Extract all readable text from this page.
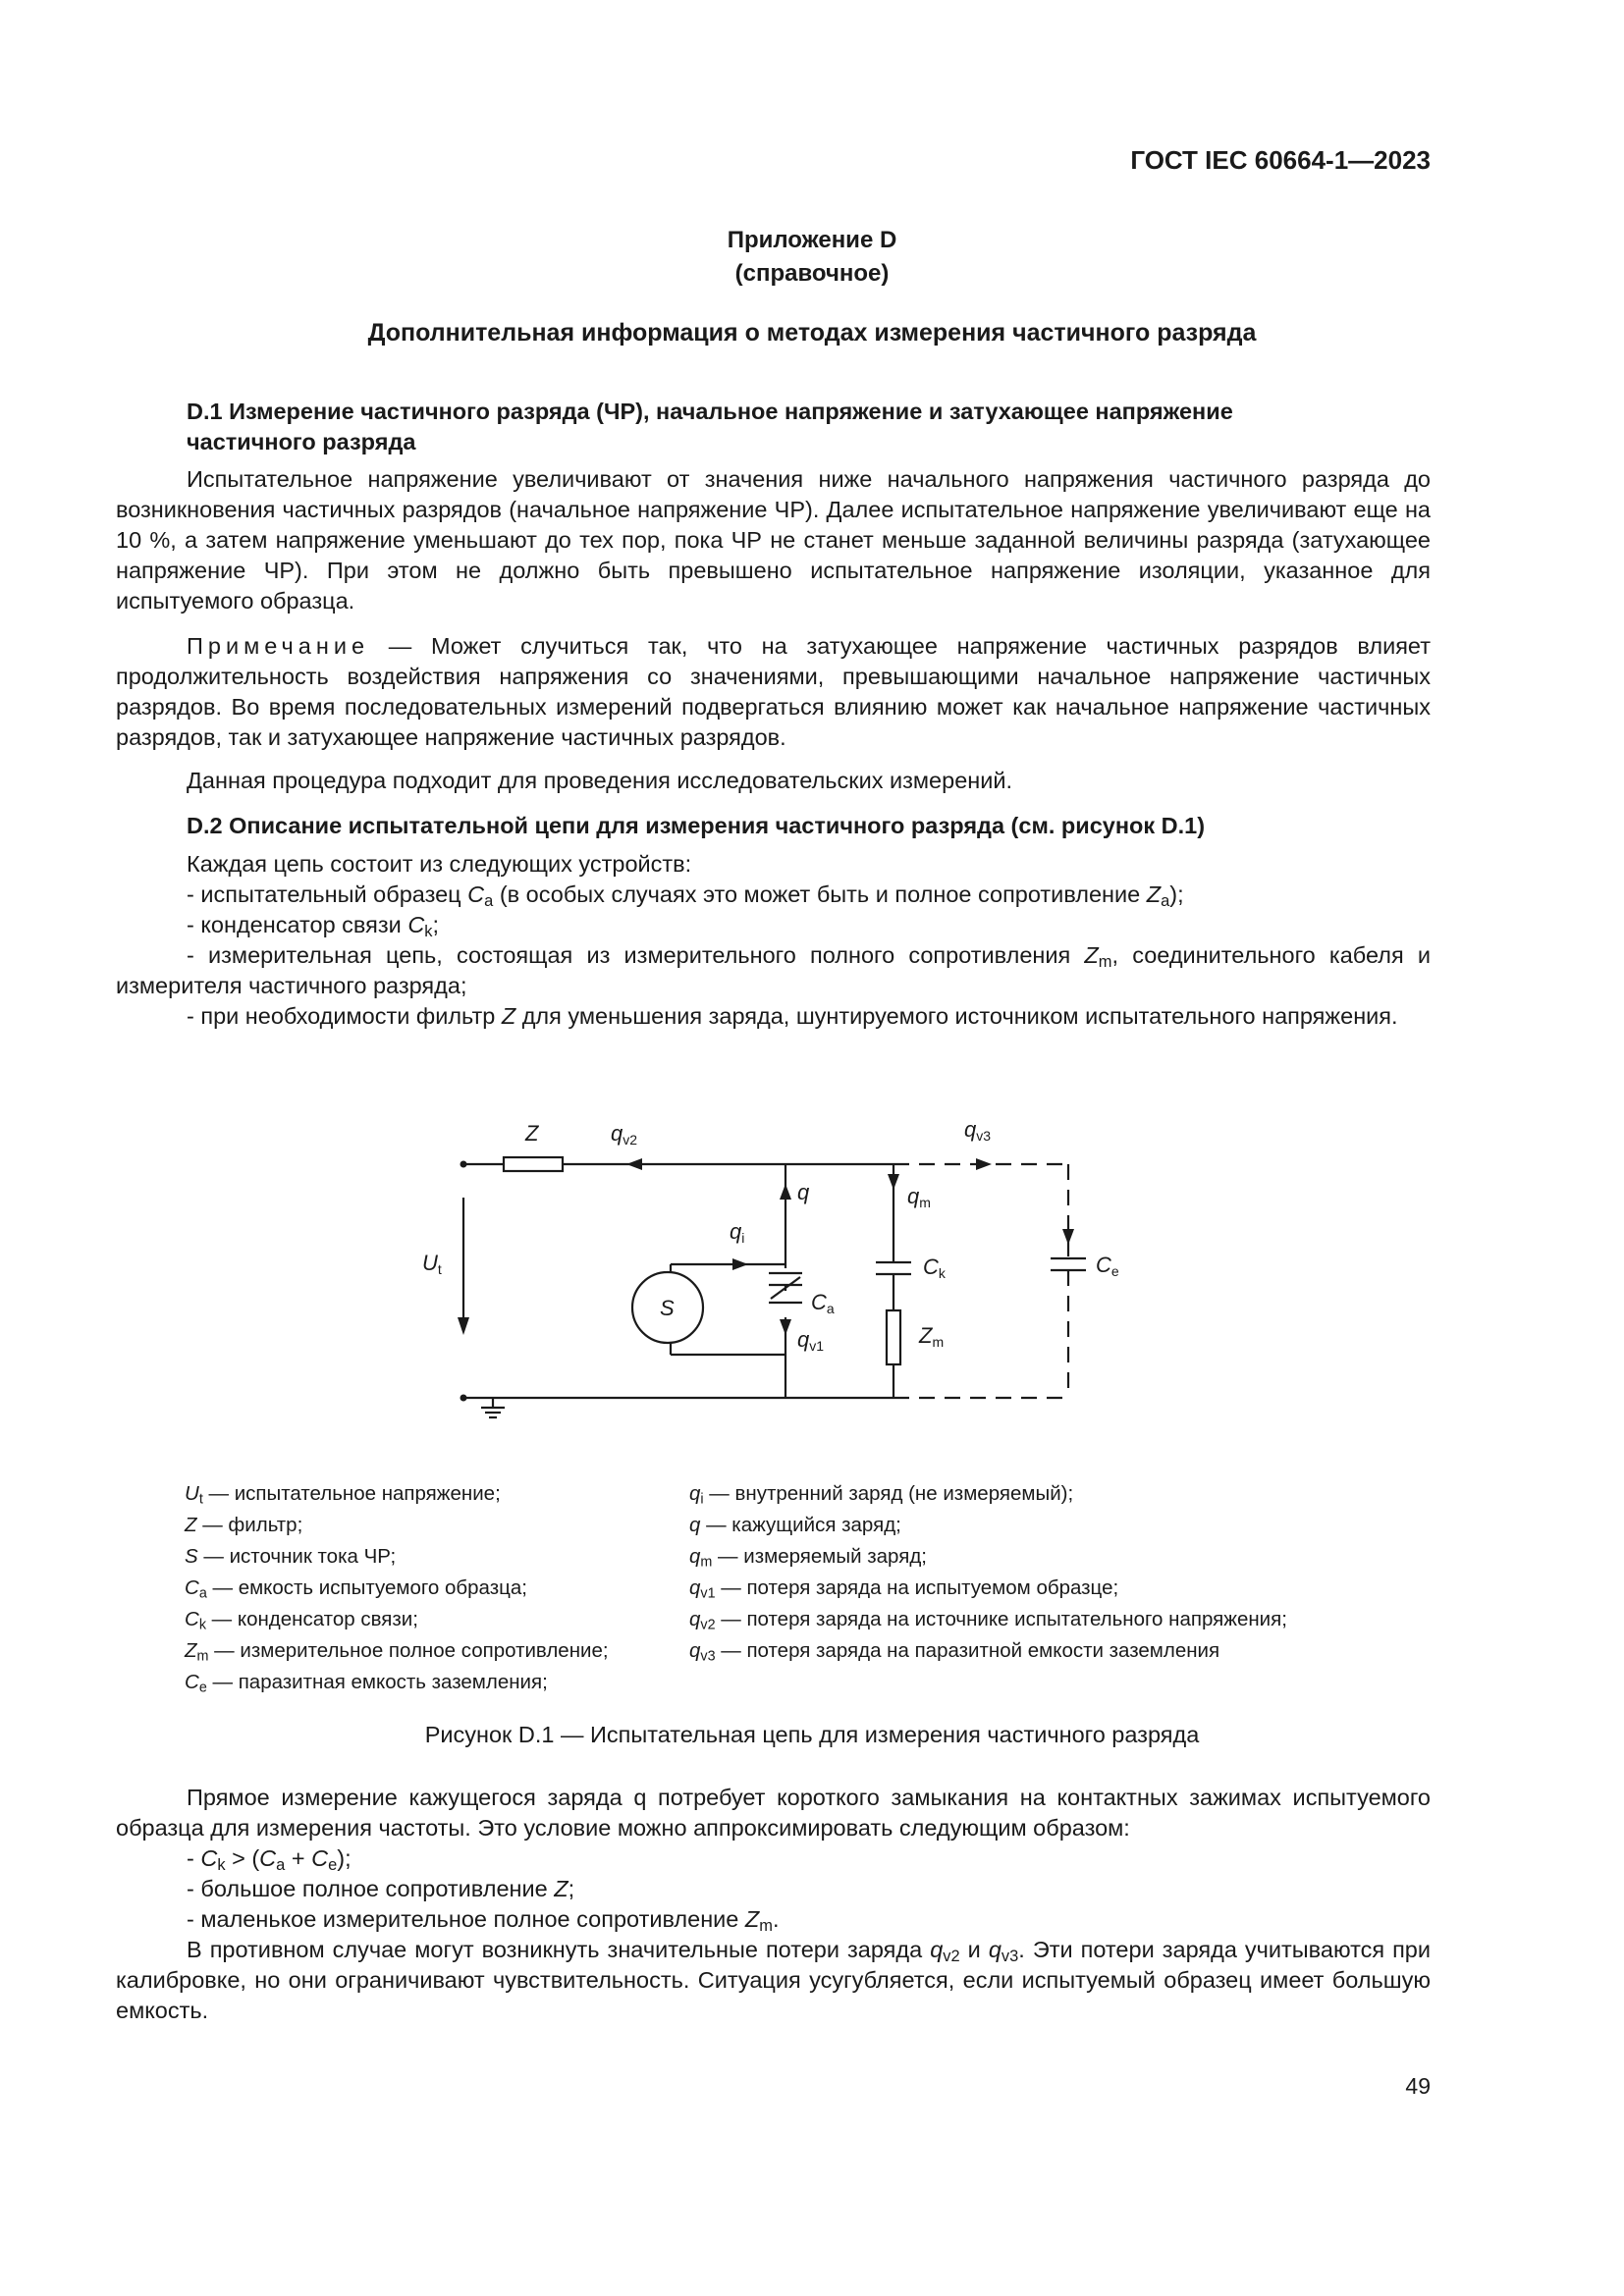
ГОСТ IEC 60664-1—2023
Приложение D
(справочное)
Дополнительная информация о методах измерения частичного разряда
D.1 Измерение частичного разряда (ЧР), начальное напряжение и затухающее напряжение
частичного разряда
Испытательное напряжение увеличивают от значения ниже начального напряжения частичного разряда до возникновения частичных разрядов (начальное напряжение ЧР). Далее испытательное напряжение увеличивают еще на 10 %, а затем напряжение уменьшают до тех пор, пока ЧР не станет меньше заданной величины разряда (затухающее напряжение ЧР). При этом не должно быть превышено испытательное напряжение изоляции, указанное для испытуемого образца.
Примечание — Может случиться так, что на затухающее напряжение частичных разрядов влияет продолжительность воздействия напряжения со значениями, превышающими начальное напряжение частичных разрядов. Во время последовательных измерений подвергаться влиянию может как начальное напряжение частичных разрядов, так и затухающее напряжение частичных разрядов.
Данная процедура подходит для проведения исследовательских измерений.
D.2 Описание испытательной цепи для измерения частичного разряда (см. рисунок D.1)
Каждая цепь состоит из следующих устройств:
- испытательный образец $C_a$ (в особых случаях это может быть и полное сопротивление $Z_a$);
- конденсатор связи $C_k$;
- измерительная цепь, состоящая из измерительного полного сопротивления $Z_m$, соединительного кабеля и измерителя частичного разряда;
- при необходимости фильтр Z для уменьшения заряда, шунтируемого источником испытательного напряжения.
Z	qv2	qv3
q	qm
qi
Ut
S	Ca
qv1
Ck
Zm
Ce
$U_t$ — испытательное напряжение;
Z — фильтр;
S — источник тока ЧР;
$C_a$ — емкость испытуемого образца;
$C_k$ — конденсатор связи;
$Z_m$ — измерительное полное сопротивление;
$C_e$ — паразитная емкость заземления;
$q_i$ — внутренний заряд (не измеряемый);
q — кажущийся заряд;
$q_m$ — измеряемый заряд;
$q_{v1}$ — потеря заряда на испытуемом образце;
$q_{v2}$ — потеря заряда на источнике испытательного напряжения;
$q_{v3}$ — потеря заряда на паразитной емкости заземления
Рисунок D.1 — Испытательная цепь для измерения частичного разряда
Прямое измерение кажущегося заряда q потребует короткого замыкания на контактных зажимах испытуемого образца для измерения частоты. Это условие можно аппроксимировать следующим образом:
- $C_k > (C_a + C_e)$;
- большое полное сопротивление Z;
- маленькое измерительное полное сопротивление $Z_m$.
В противном случае могут возникнуть значительные потери заряда $q_{v2}$ и $q_{v3}$. Эти потери заряда учитываются при калибровке, но они ограничивают чувствительность. Ситуация усугубляется, если испытуемый образец имеет большую емкость.
49
